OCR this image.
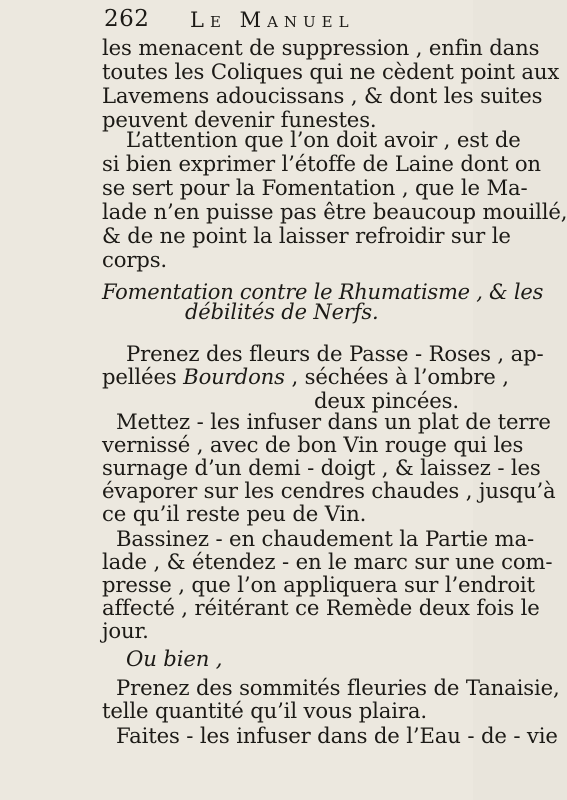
262 Le Manuel
les menacent de suppression , enfin dans
toutes les Coliques qui ne cèdent point aux
Lavemens adoucissans , & dont les suites
peuvent devenir funestes.
L’attention que l’on doit avoir , est de
si bien exprimer l’étoffe de Laine dont on
se sert pour la Fomentation , que le Ma-
lade n’en puisse pas être beaucoup mouillé,
& de ne point la laisser refroidir sur le
corps.
Fomentation contre le Rhumatisme , & les
débilités de Nerfs.
Prenez des fleurs de Passe - Roses , ap-
pellées Bourdons , séchées à l’ombre ,
deux pincées.
Mettez - les infuser dans un plat de terre
vernissé , avec de bon Vin rouge qui les
surnage d’un demi - doigt , & laissez - les
évaporer sur les cendres chaudes , jusqu’à
ce qu’il reste peu de Vin.
Bassinez - en chaudement la Partie ma-
lade , & étendez - en le marc sur une com-
presse , que l’on appliquera sur l’endroit
affecté , réitérant ce Remède deux fois le
jour.
Ou bien ,
Prenez des sommités fleuries de Tanaisie,
telle quantité qu’il vous plaira.
Faites - les infuser dans de l’Eau - de - vie
